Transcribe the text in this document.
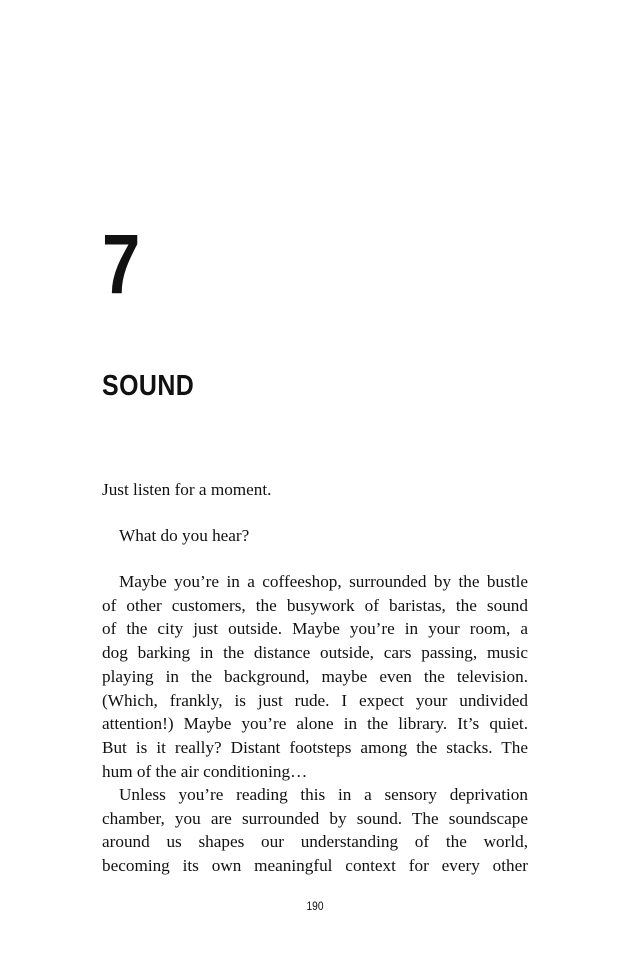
7
SOUND

Just listen for a moment.

What do you hear?

Maybe you’re in a coffeeshop, surrounded by the bustle
of other customers, the busywork of baristas, the sound
of the city just outside. Maybe you’re in your room, a
dog barking in the distance outside, cars passing, music
playing in the background, maybe even the television.
(Which, frankly, is just rude. I expect your undivided
attention!) Maybe you’re alone in the library. It’s quiet.
But is it really? Distant footsteps among the stacks. The
hum of the air conditioning…
Unless you’re reading this in a sensory deprivation
chamber, you are surrounded by sound. The soundscape
around us shapes our understanding of the world,
becoming its own meaningful context for every other

190
